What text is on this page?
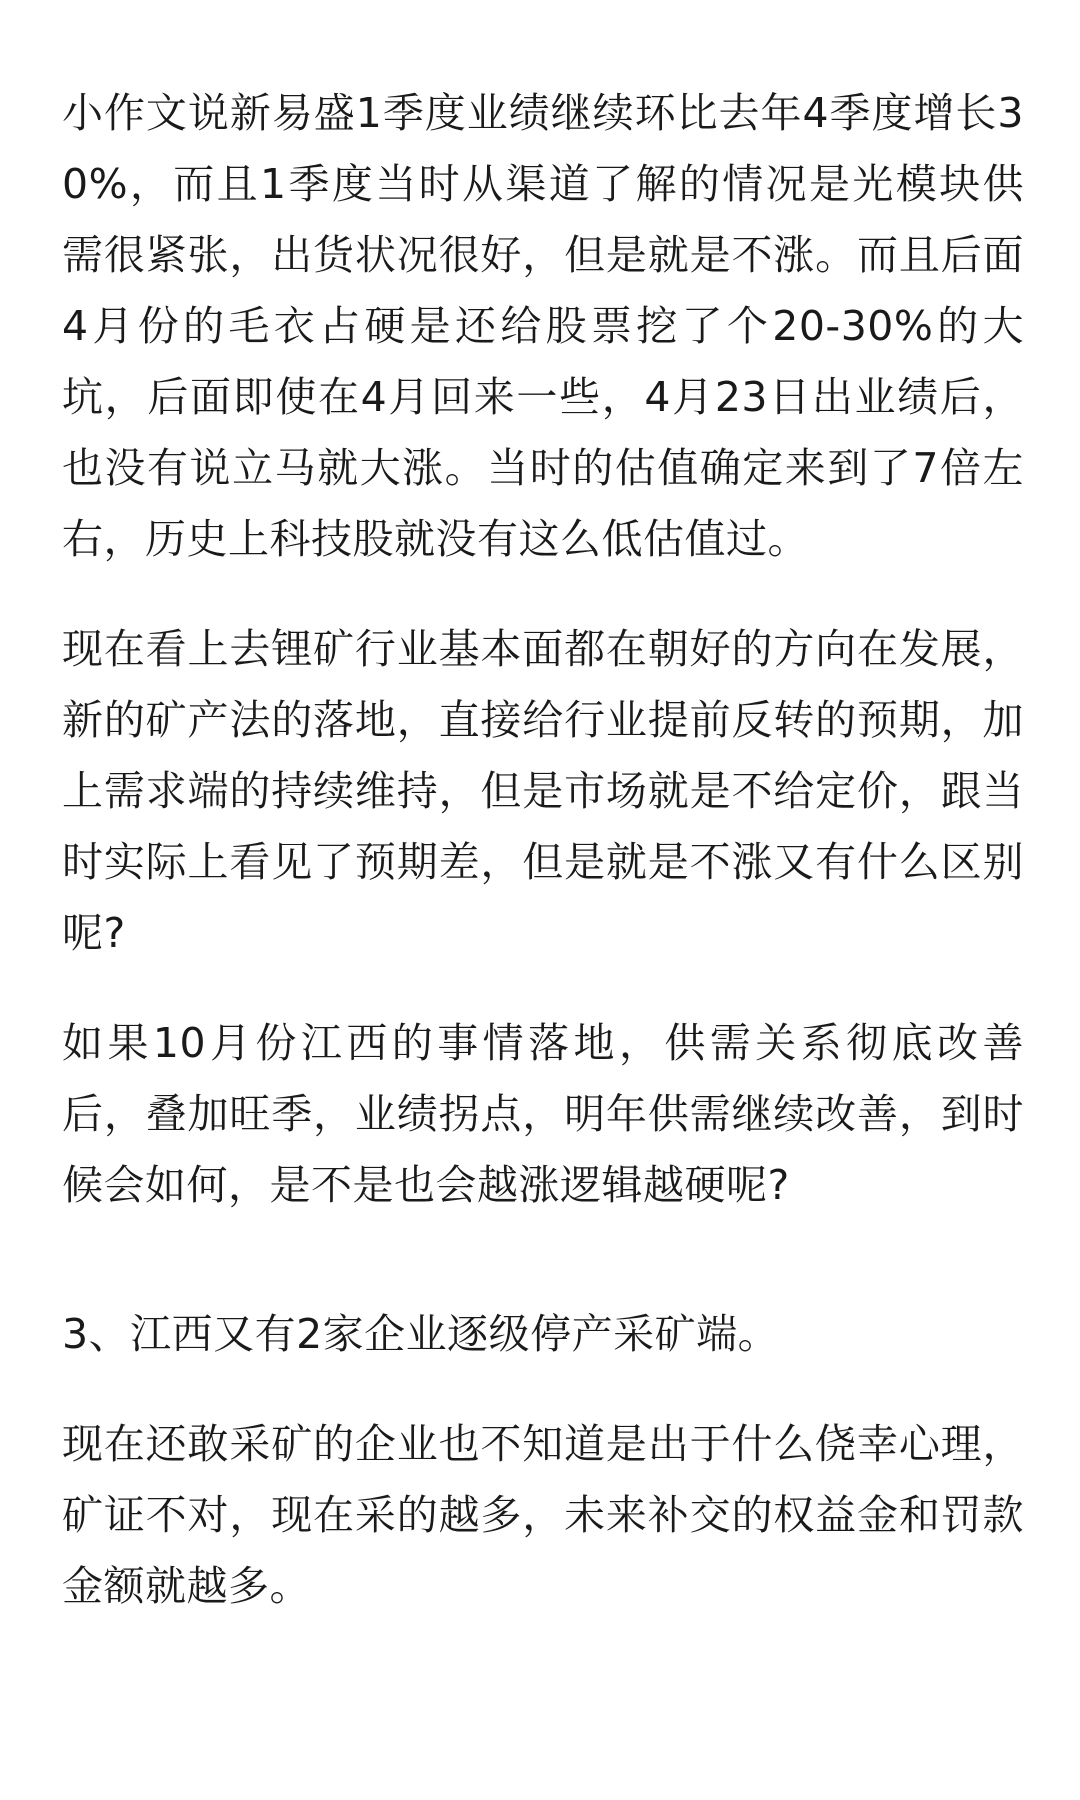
小作文说新易盛1季度业绩继续环比去年4季度增长30%，而且1季度当时从渠道了解的情况是光模块供需很紧张，出货状况很好，但是就是不涨。而且后面4月份的毛衣占硬是还给股票挖了个20-30%的大坑，后面即使在4月回来一些，4月23日出业绩后，也没有说立马就大涨。当时的估值确定来到了7倍左右，历史上科技股就没有这么低估值过。

现在看上去锂矿行业基本面都在朝好的方向在发展，新的矿产法的落地，直接给行业提前反转的预期，加上需求端的持续维持，但是市场就是不给定价，跟当时实际上看见了预期差，但是就是不涨又有什么区别呢?

如果10月份江西的事情落地，供需关系彻底改善后，叠加旺季，业绩拐点，明年供需继续改善，到时候会如何，是不是也会越涨逻辑越硬呢?

3、江西又有2家企业逐级停产采矿端。

现在还敢采矿的企业也不知道是出于什么侥幸心理，矿证不对，现在采的越多，未来补交的权益金和罚款金额就越多。
